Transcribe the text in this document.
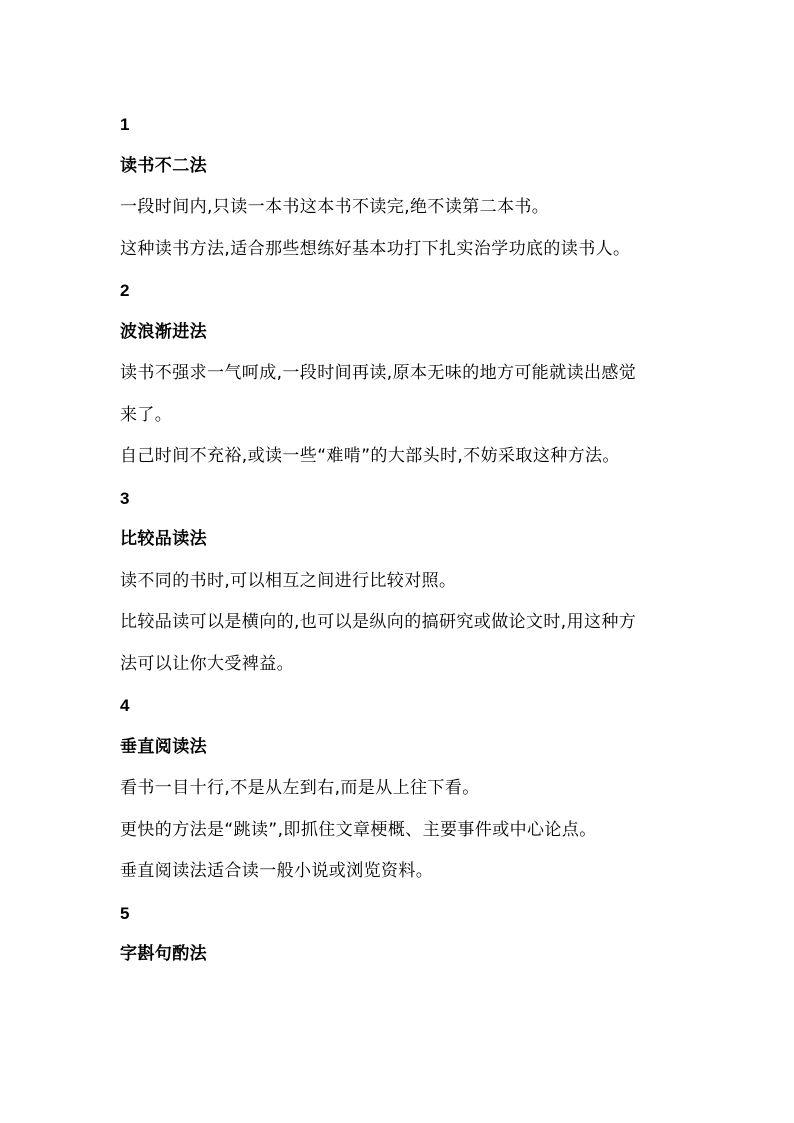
1

读书不二法

一段时间内,只读一本书这本书不读完,绝不读第二本书。

这种读书方法,适合那些想练好基本功打下扎实治学功底的读书人。

2

波浪渐进法

读书不强求一气呵成,一段时间再读,原本无味的地方可能就读出感觉

来了。

自己时间不充裕,或读一些“难啃”的大部头时,不妨采取这种方法。

3

比较品读法

读不同的书时,可以相互之间进行比较对照。

比较品读可以是横向的,也可以是纵向的搞研究或做论文时,用这种方

法可以让你大受裨益。

4

垂直阅读法

看书一目十行,不是从左到右,而是从上往下看。

更快的方法是“跳读”,即抓住文章梗概、主要事件或中心论点。

垂直阅读法适合读一般小说或浏览资料。

5

字斟句酌法
